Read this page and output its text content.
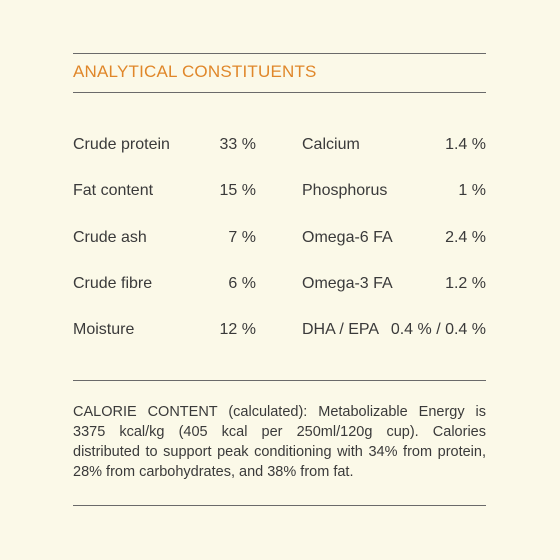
ANALYTICAL CONSTITUENTS
Crude protein	33 %
Fat content	15 %
Crude ash	7 %
Crude fibre	6 %
Moisture	12 %
Calcium	1.4 %
Phosphorus	1 %
Omega-6 FA	2.4 %
Omega-3 FA	1.2 %
DHA / EPA 0.4 % / 0.4 %
CALORIE CONTENT (calculated): Metabolizable Energy is 3375 kcal/kg (405 kcal per 250ml/120g cup). Calories distributed to support peak conditioning with 34% from protein, 28% from carbohydrates, and 38% from fat.
